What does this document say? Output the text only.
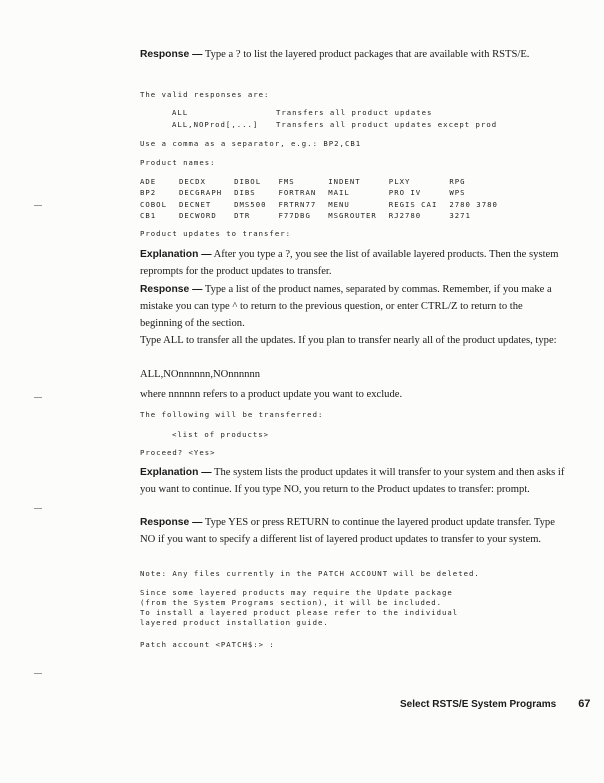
Response — Type a ? to list the layered product packages that are available with RSTS/E.
The valid responses are:
ALL	Transfers all product updates
ALL,NOProd[,...] Transfers all product updates except prod
Use a comma as a separator, e.g.: BP2,CB1
Product names:
ADE	DECDX	DIBOL	FMS	INDENT	PLXY	RPG
BP2	DECGRAPH	DIBS	FORTRAN	MAIL	PRO IV	WPS
COBOL	DECNET	DMS500	FRTRN77	MENU	REGIS CAI	2780 3780
CB1	DECWORD	DTR	F77DBG	MSGROUTER	RJ2780	3271
Product updates to transfer:
Explanation — After you type a ?, you see the list of available layered products. Then the system reprompts for the product updates to transfer.
Response — Type a list of the product names, separated by commas. Remember, if you make a mistake you can type ^ to return to the previous question, or enter CTRL/Z to return to the beginning of the section.
Type ALL to transfer all the updates. If you plan to transfer nearly all of the product updates, type:
ALL,NOnnnnnn,NOnnnnnn
where nnnnnn refers to a product update you want to exclude.
The following will be transferred:
<list of products>
Proceed? <Yes>
Explanation — The system lists the product updates it will transfer to your system and then asks if you want to continue. If you type NO, you return to the Product updates to transfer: prompt.
Response — Type YES or press RETURN to continue the layered product update transfer. Type NO if you want to specify a different list of layered product updates to transfer to your system.
Note: Any files currently in the PATCH ACCOUNT will be deleted.
Since some layered products may require the Update package
(from the System Programs section), it will be included.
To install a layered product please refer to the individual
layered product installation guide.
Patch account <PATCH$:> :
Select RSTS/E System Programs 67
